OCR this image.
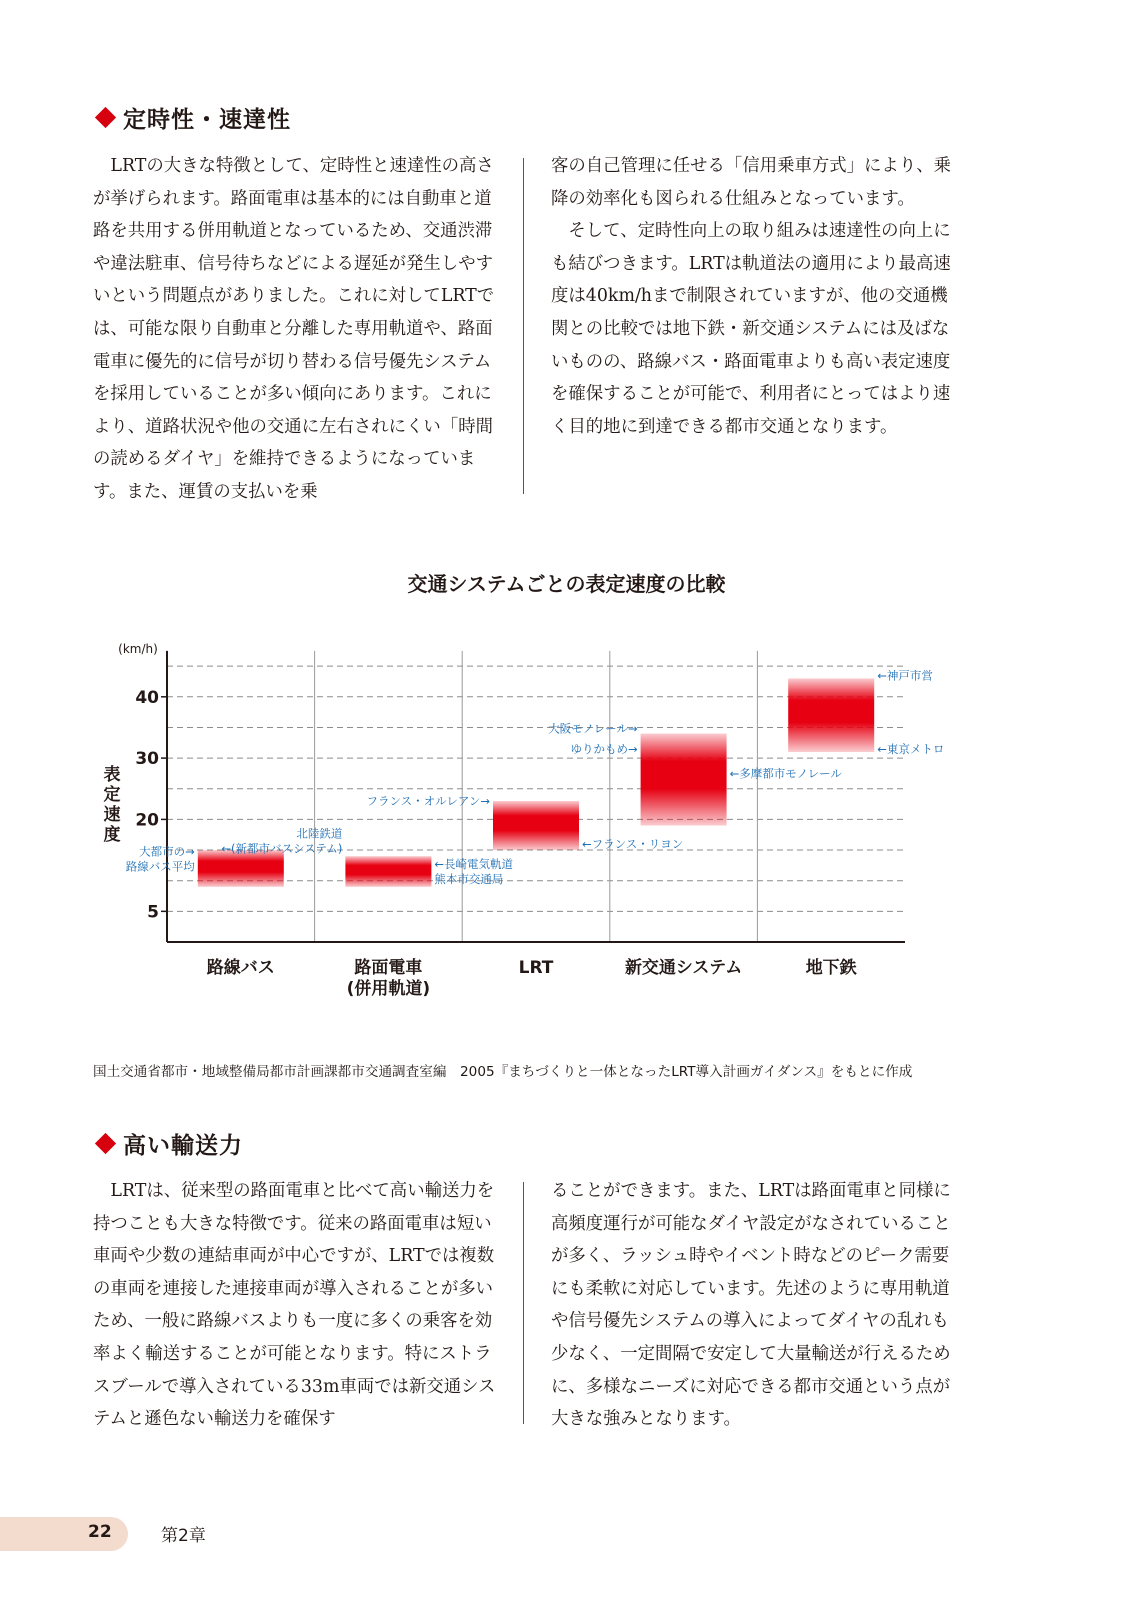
定時性・速達性

LRTの大きな特徴として、定時性と速達性の高さが挙げられます。路面電車は基本的には自動車と道路を共用する併用軌道となっているため、交通渋滞や違法駐車、信号待ちなどによる遅延が発生しやすいという問題点がありました。これに対してLRTでは、可能な限り自動車と分離した専用軌道や、路面電車に優先的に信号が切り替わる信号優先システムを採用していることが多い傾向にあります。これにより、道路状況や他の交通に左右されにくい「時間の読めるダイヤ」を維持できるようになっています。また、運賃の支払いを乗

客の自己管理に任せる「信用乗車方式」により、乗降の効率化も図られる仕組みとなっています。

そして、定時性向上の取り組みは速達性の向上にも結びつきます。LRTは軌道法の適用により最高速度は40km/hまで制限されていますが、他の交通機関との比較では地下鉄・新交通システムには及ばないものの、路線バス・路面電車よりも高い表定速度を確保することが可能で、利用者にとってはより速く目的地に到達できる都市交通となります。

交通システムごとの表定速度の比較
5
20
30
40
(km/h)
表
定
速
度
路線バス	路面電車
(併用軌道)
LRT	新交通システム	地下鉄
大都市の→
路線バス平均
北陸鉄道
←(新都市バスシステム)
←長崎電気軌道
熊本市交通局
フランス・オルレアン→
←フランス・リヨン
大阪モノレール→
ゆりかもめ→
←多摩都市モノレール
←神戸市営
←東京メトロ
国土交通省都市・地域整備局都市計画課都市交通調査室編　2005『まちづくりと一体となったLRT導入計画ガイダンス』をもとに作成
高い輸送力

LRTは、従来型の路面電車と比べて高い輸送力を持つことも大きな特徴です。従来の路面電車は短い車両や少数の連結車両が中心ですが、LRTでは複数の車両を連接した連接車両が導入されることが多いため、一般に路線バスよりも一度に多くの乗客を効率よく輸送することが可能となります。特にストラスブールで導入されている33m車両では新交通システムと遜色ない輸送力を確保す

ることができます。また、LRTは路面電車と同様に高頻度運行が可能なダイヤ設定がなされていることが多く、ラッシュ時やイベント時などのピーク需要にも柔軟に対応しています。先述のように専用軌道や信号優先システムの導入によってダイヤの乱れも少なく、一定間隔で安定して大量輸送が行えるために、多様なニーズに対応できる都市交通という点が大きな強みとなります。

22	第2章
